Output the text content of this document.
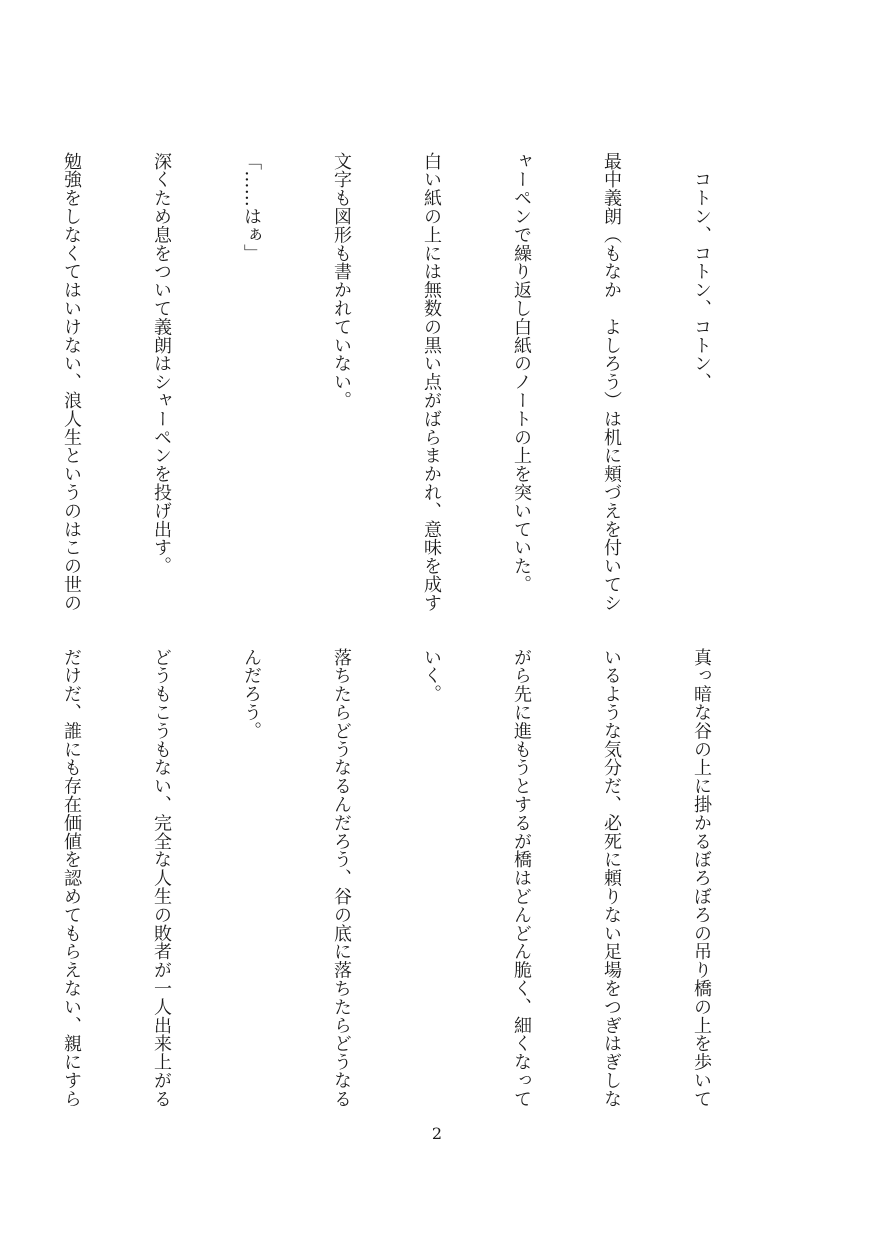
　コトン、コトン、コトン、

最中義朗（もなか　よしろう）は机に頬づえを付いてシ

ャーペンで繰り返し白紙のノートの上を突いていた。

白い紙の上には無数の黒い点がばらまかれ、意味を成す

文字も図形も書かれていない。

「……はぁ」

深くため息をついて義朗はシャーペンを投げ出す。

勉強をしなくてはいけない、浪人生というのはこの世の

真っ暗な谷の上に掛かるぼろぼろの吊り橋の上を歩いて

いるような気分だ、必死に頼りない足場をつぎはぎしな

がら先に進もうとするが橋はどんどん脆く、細くなって

いく。

落ちたらどうなるんだろう、谷の底に落ちたらどうなる

んだろう。

どうもこうもない、完全な人生の敗者が一人出来上がる

だけだ、誰にも存在価値を認めてもらえない、親にすら

2
